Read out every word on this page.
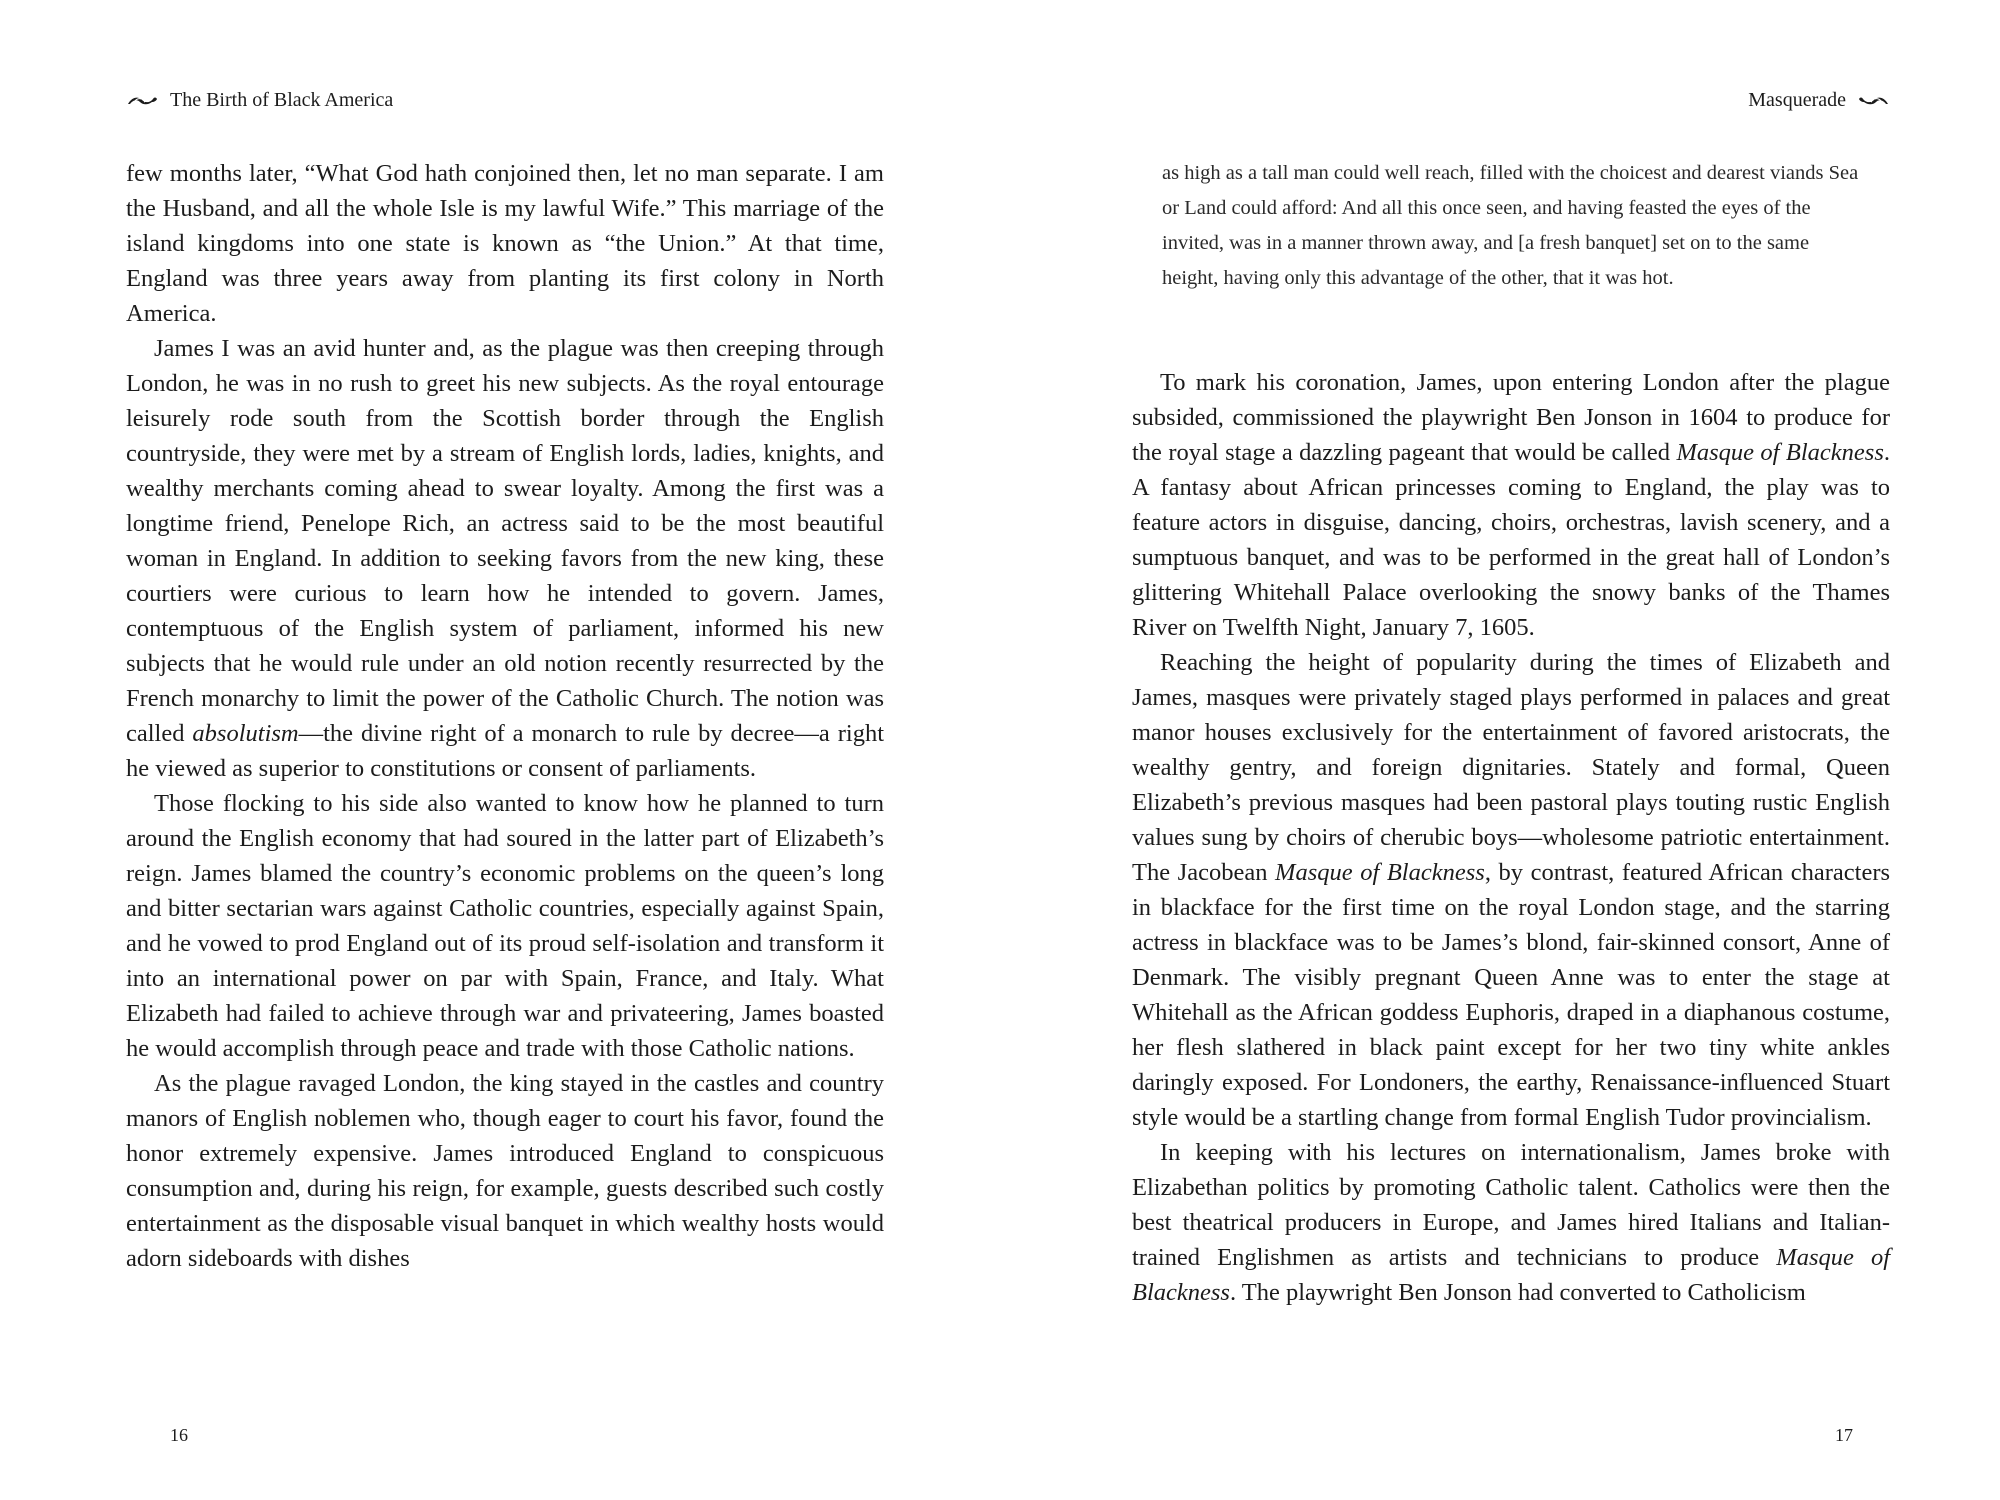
The Birth of Black America

few months later, “What God hath conjoined then, let no man separate. I am the Husband, and all the whole Isle is my lawful Wife.” This marriage of the island kingdoms into one state is known as “the Union.” At that time, England was three years away from planting its first colony in North America.

James I was an avid hunter and, as the plague was then creeping through London, he was in no rush to greet his new subjects. As the royal entourage leisurely rode south from the Scottish border through the English countryside, they were met by a stream of English lords, ladies, knights, and wealthy merchants coming ahead to swear loyalty. Among the first was a longtime friend, Penelope Rich, an actress said to be the most beautiful woman in England. In addition to seeking favors from the new king, these courtiers were curious to learn how he intended to govern. James, contemptuous of the English system of parliament, informed his new subjects that he would rule under an old notion recently resurrected by the French monarchy to limit the power of the Catholic Church. The notion was called absolutism—the divine right of a monarch to rule by decree—a right he viewed as superior to constitutions or consent of parliaments.

Those flocking to his side also wanted to know how he planned to turn around the English economy that had soured in the latter part of Elizabeth’s reign. James blamed the country’s economic problems on the queen’s long and bitter sectarian wars against Catholic countries, especially against Spain, and he vowed to prod England out of its proud self-isolation and transform it into an international power on par with Spain, France, and Italy. What Elizabeth had failed to achieve through war and privateering, James boasted he would accomplish through peace and trade with those Catholic nations.

As the plague ravaged London, the king stayed in the castles and country manors of English noblemen who, though eager to court his favor, found the honor extremely expensive. James introduced England to conspicuous consumption and, during his reign, for example, guests described such costly entertainment as the disposable visual banquet in which wealthy hosts would adorn sideboards with dishes

16
Masquerade

as high as a tall man could well reach, filled with the choicest and dearest viands Sea or Land could afford: And all this once seen, and having feasted the eyes of the invited, was in a manner thrown away, and [a fresh banquet] set on to the same height, having only this advantage of the other, that it was hot.

To mark his coronation, James, upon entering London after the plague subsided, commissioned the playwright Ben Jonson in 1604 to produce for the royal stage a dazzling pageant that would be called Masque of Blackness. A fantasy about African princesses coming to England, the play was to feature actors in disguise, dancing, choirs, orchestras, lavish scenery, and a sumptuous banquet, and was to be performed in the great hall of London’s glittering Whitehall Palace overlooking the snowy banks of the Thames River on Twelfth Night, January 7, 1605.

Reaching the height of popularity during the times of Elizabeth and James, masques were privately staged plays performed in palaces and great manor houses exclusively for the entertainment of favored aristocrats, the wealthy gentry, and foreign dignitaries. Stately and formal, Queen Elizabeth’s previous masques had been pastoral plays touting rustic English values sung by choirs of cherubic boys—wholesome patriotic entertainment. The Jacobean Masque of Blackness, by contrast, featured African characters in blackface for the first time on the royal London stage, and the starring actress in blackface was to be James’s blond, fair-skinned consort, Anne of Denmark. The visibly pregnant Queen Anne was to enter the stage at Whitehall as the African goddess Euphoris, draped in a diaphanous costume, her flesh slathered in black paint except for her two tiny white ankles daringly exposed. For Londoners, the earthy, Renaissance-influenced Stuart style would be a startling change from formal English Tudor provincialism.

In keeping with his lectures on internationalism, James broke with Elizabethan politics by promoting Catholic talent. Catholics were then the best theatrical producers in Europe, and James hired Italians and Italian-trained Englishmen as artists and technicians to produce Masque of Blackness. The playwright Ben Jonson had converted to Catholicism

17
